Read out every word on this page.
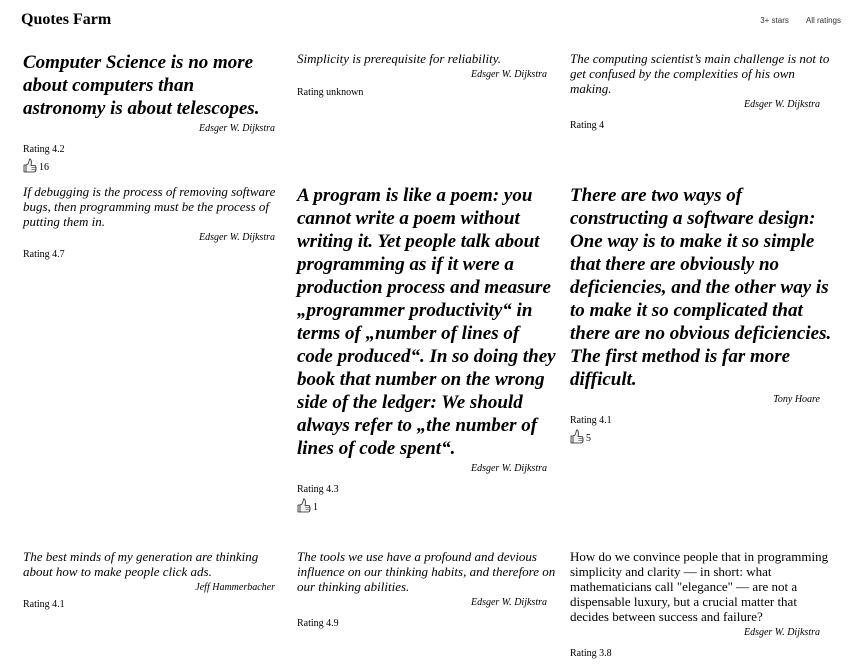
Quotes Farm	3+ stars All ratings

Computer Science is no more about computers than astronomy is about telescopes.

Edsger W. Dijkstra
Rating 4.2
16

Simplicity is prerequisite for reliability.

Edsger W. Dijkstra
Rating unknown

The computing scientist’s main challenge is not to get confused by the complexities of his own making.

Edsger W. Dijkstra
Rating 4

If debugging is the process of removing software bugs, then programming must be the process of putting them in.

Edsger W. Dijkstra
Rating 4.7

A program is like a poem: you cannot write a poem without writing it. Yet people talk about programming as if it were a production process and measure „programmer productivity“ in terms of „number of lines of code produced“. In so doing they book that number on the wrong side of the ledger: We should always refer to „the number of lines of code spent“.

Edsger W. Dijkstra
Rating 4.3
1

There are two ways of constructing a software design: One way is to make it so simple that there are obviously no deficiencies, and the other way is to make it so complicated that there are no obvious deficiencies. The first method is far more difficult.

Tony Hoare
Rating 4.1
5

The best minds of my generation are thinking about how to make people click ads.

Jeff Hammerbacher
Rating 4.1

The tools we use have a profound and devious influence on our thinking habits, and therefore on our thinking abilities.

Edsger W. Dijkstra
Rating 4.9

How do we convince people that in programming simplicity and clarity — in short: what mathematicians call "elegance" — are not a dispensable luxury, but a crucial matter that decides between success and failure?

Edsger W. Dijkstra
Rating 3.8
